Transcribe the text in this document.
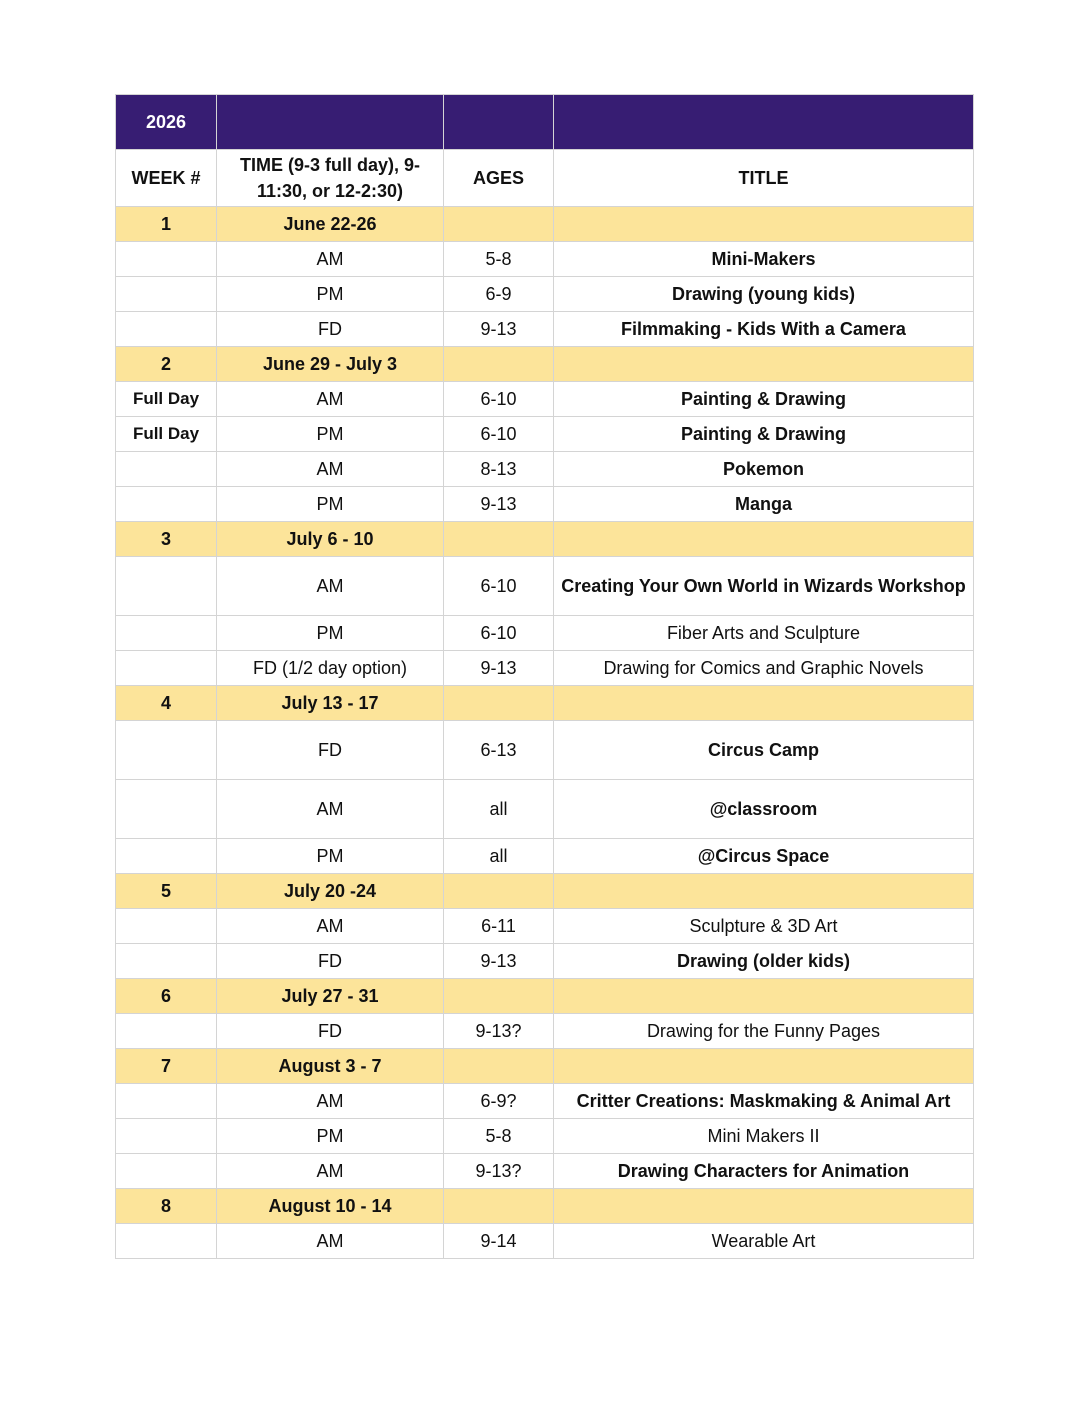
2026			
WEEK #	TIME (9-3 full day), 9-11:30, or 12-2:30)	AGES	TITLE
1	June 22-26		
	AM	5-8	Mini-Makers
	PM	6-9	Drawing (young kids)
	FD	9-13	Filmmaking - Kids With a Camera
2	June 29 - July 3		
Full Day	AM	6-10	Painting & Drawing
Full Day	PM	6-10	Painting & Drawing
	AM	8-13	Pokemon
	PM	9-13	Manga
3	July 6 - 10		
	AM	6-10	Creating Your Own World in Wizards Workshop
	PM	6-10	Fiber Arts and Sculpture
	FD (1/2 day option)	9-13	Drawing for Comics and Graphic Novels
4	July 13 - 17		
	FD	6-13	Circus Camp
	AM	all	@classroom
	PM	all	@Circus Space
5	July 20 -24		
	AM	6-11	Sculpture & 3D Art
	FD	9-13	Drawing (older kids)
6	July 27 - 31		
	FD	9-13?	Drawing for the Funny Pages
7	August 3 - 7		
	AM	6-9?	Critter Creations: Maskmaking & Animal Art
	PM	5-8	Mini Makers II
	AM	9-13?	Drawing Characters for Animation
8	August 10 - 14		
	AM	9-14	Wearable Art
